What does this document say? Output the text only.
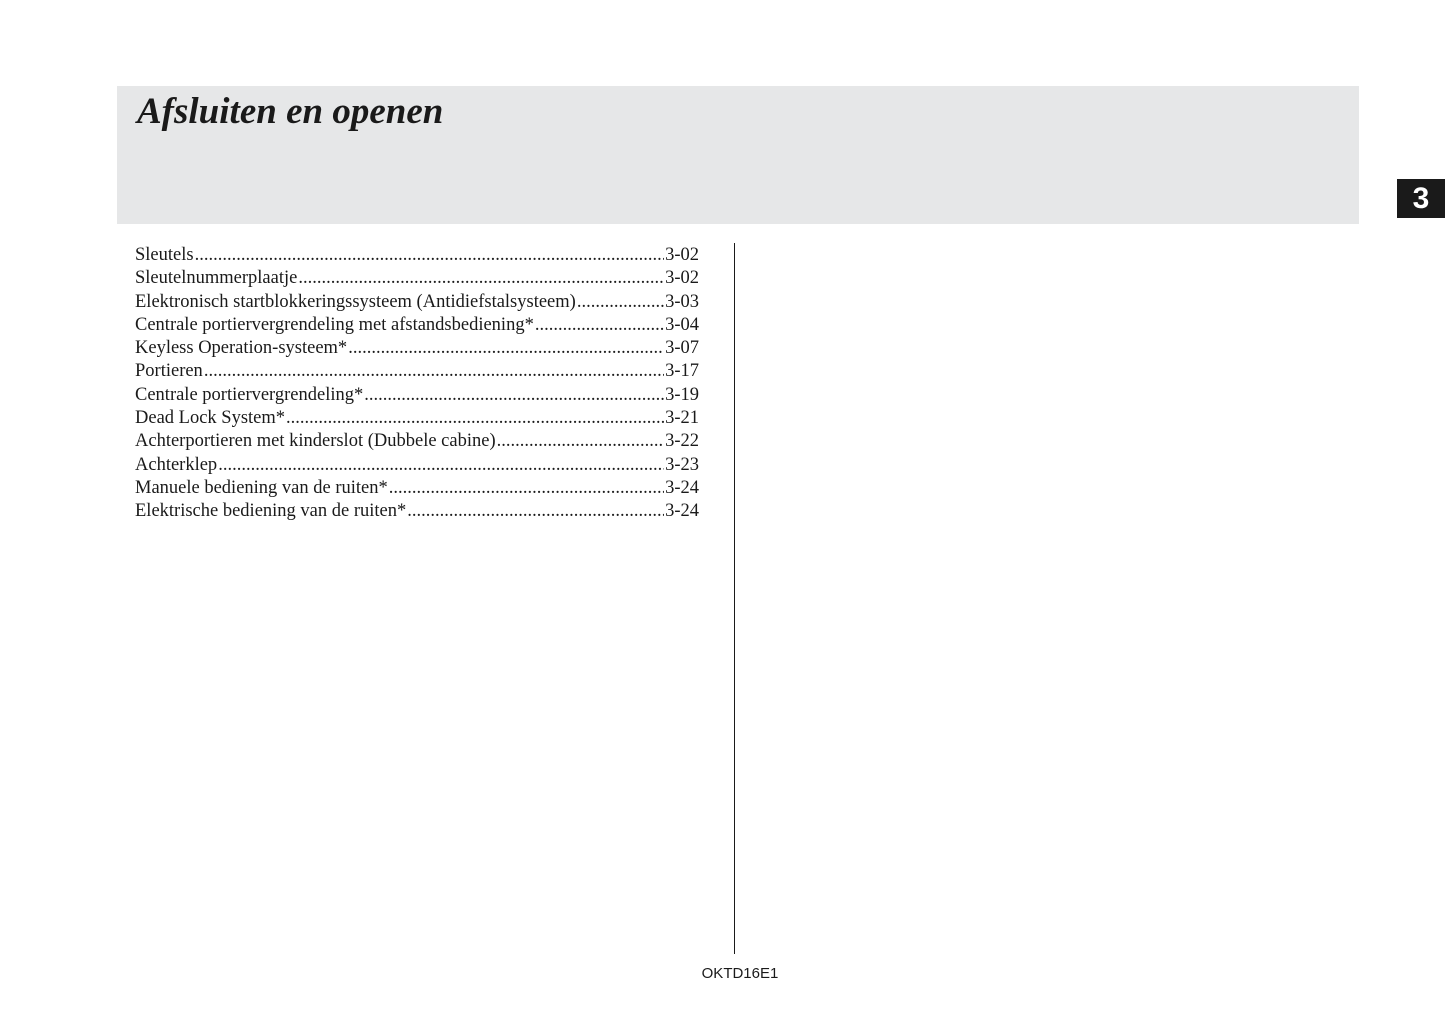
Afsluiten en openen
3
Sleutels .....	3-02
Sleutelnummerplaatje .....	3-02
Elektronisch startblokkeringssysteem (Antidiefstalsysteem) .....	3-03
Centrale portiervergrendeling met afstandsbediening* .....	3-04
Keyless Operation-systeem* .....	3-07
Portieren .....	3-17
Centrale portiervergrendeling* .....	3-19
Dead Lock System* .....	3-21
Achterportieren met kinderslot (Dubbele cabine) .....	3-22
Achterklep .....	3-23
Manuele bediening van de ruiten* .....	3-24
Elektrische bediening van de ruiten* .....	3-24
OKTD16E1
